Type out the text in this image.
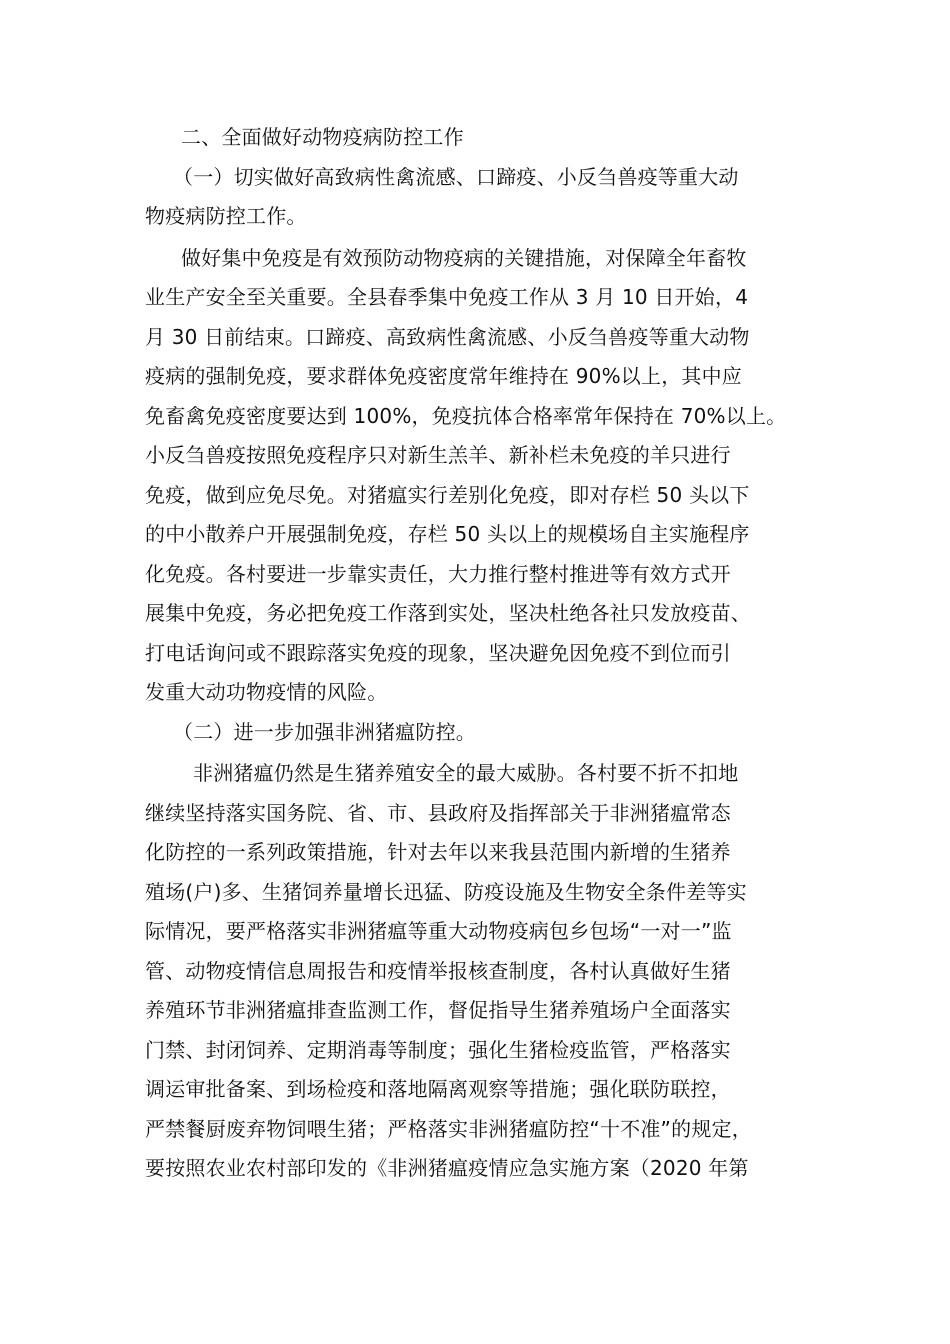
二、全面做好动物疫病防控工作
（一）切实做好高致病性禽流感、口蹄疫、小反刍兽疫等重大动
物疫病防控工作。
做好集中免疫是有效预防动物疫病的关键措施，对保障全年畜牧
业生产安全至关重要。全县春季集中免疫工作从 3 月 10 日开始，4
月 30 日前结束。口蹄疫、高致病性禽流感、小反刍兽疫等重大动物
疫病的强制免疫，要求群体免疫密度常年维持在 90%以上，其中应
免畜禽免疫密度要达到 100%，免疫抗体合格率常年保持在 70%以上。
小反刍兽疫按照免疫程序只对新生羔羊、新补栏未免疫的羊只进行
免疫，做到应免尽免。对猪瘟实行差别化免疫，即对存栏 50 头以下
的中小散养户开展强制免疫，存栏 50 头以上的规模场自主实施程序
化免疫。各村要进一步靠实责任，大力推行整村推进等有效方式开
展集中免疫，务必把免疫工作落到实处，坚决杜绝各社只发放疫苗、
打电话询问或不跟踪落实免疫的现象，坚决避免因免疫不到位而引
发重大动功物疫情的风险。
（二）进一步加强非洲猪瘟防控。
非洲猪瘟仍然是生猪养殖安全的最大威胁。各村要不折不扣地
继续坚持落实国务院、省、市、县政府及指挥部关于非洲猪瘟常态
化防控的一系列政策措施，针对去年以来我县范围内新增的生猪养
殖场(户)多、生猪饲养量增长迅猛、防疫设施及生物安全条件差等实
际情况，要严格落实非洲猪瘟等重大动物疫病包乡包场“一对一”监
管、动物疫情信息周报告和疫情举报核查制度，各村认真做好生猪
养殖环节非洲猪瘟排查监测工作，督促指导生猪养殖场户全面落实
门禁、封闭饲养、定期消毒等制度；强化生猪检疫监管，严格落实
调运审批备案、到场检疫和落地隔离观察等措施；强化联防联控，
严禁餐厨废弃物饲喂生猪；严格落实非洲猪瘟防控“十不准”的规定，
要按照农业农村部印发的《非洲猪瘟疫情应急实施方案（2020 年第
